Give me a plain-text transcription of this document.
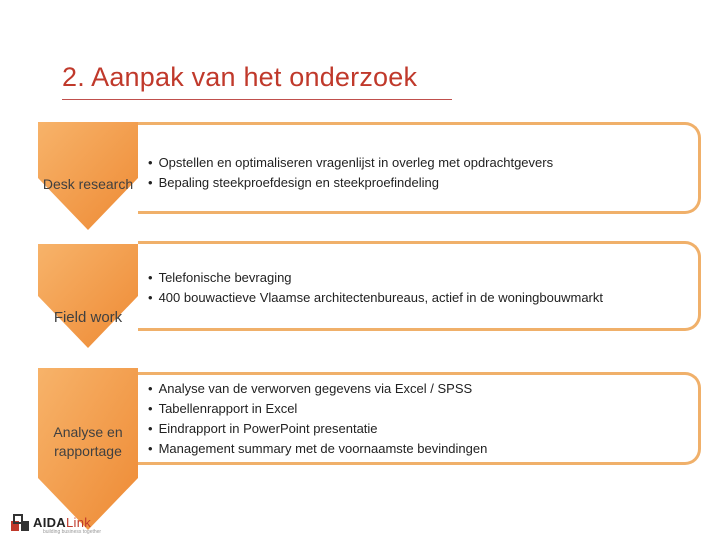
2. Aanpak van het onderzoek
Desk research
Field work
Analyse en rapportage
• Opstellen en optimaliseren vragenlijst in overleg met opdrachtgevers
• Bepaling steekproefdesign en steekproefindeling
• Telefonische bevraging
• 400 bouwactieve Vlaamse architectenbureaus, actief in de woningbouwmarkt
• Analyse van de verworven gegevens via Excel / SPSS
• Tabellenrapport in Excel
• Eindrapport in PowerPoint presentatie
• Management summary met de voornaamste bevindingen
AIDALink
building business together
